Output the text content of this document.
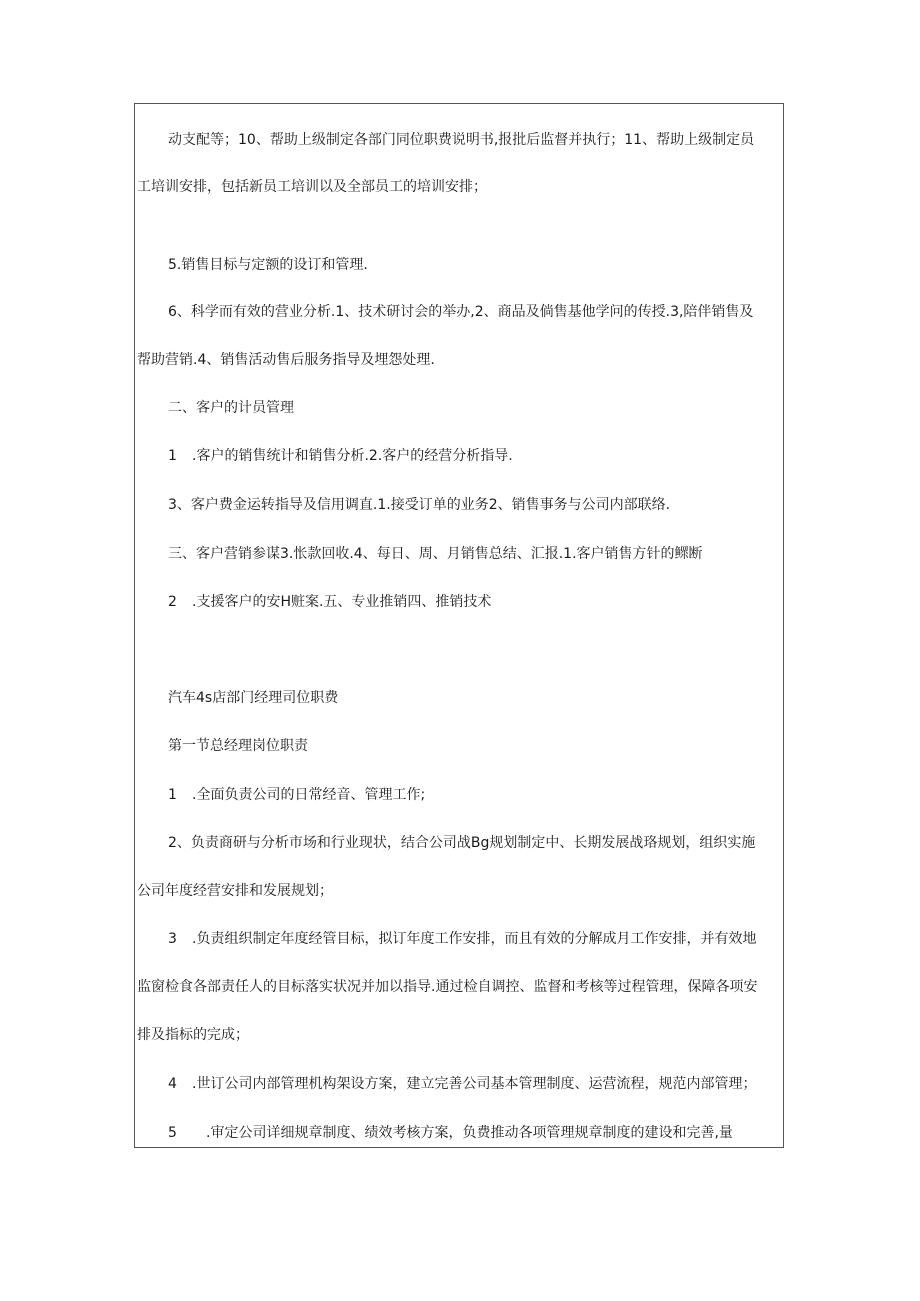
动支配等；10、帮助上级制定各部门同位职费说明书,报批后监督并执行；11、帮助上级制定员
工培训安排，包括新员工培训以及全部员工的培训安排；
5.销售目标与定额的设订和管理.
6、科学而有效的营业分析.1、技术研讨会的举办,2、商品及倘售基他学问的传授.3,陪伴销售及
帮助营销.4、销售活动售后服务指导及埋怨处理.
二、客户的计员管理
1 .客户的销售统计和销售分析.2.客户的经营分析指导.
3、客户费金运转指导及信用调直.1.接受订单的业务2、销售事务与公司内部联络.
三、客户营销参谋3.怅款回收.4、每日、周、月销售总结、汇报.1.客户销售方针的鳏断
2 .支援客户的安H赃案.五、专业推销四、推销技术
汽车4s店部门经理司位职费
第一节总经理岗位职责
1 .全面负责公司的日常经音、管理工作;
2、负责商研与分析市场和行业现状，结合公司战Bg规划制定中、长期发展战珞规划，组织实施
公司年度经营安排和发展规划；
3 .负责组织制定年度经管目标，拟订年度工作安排，而且有效的分解成月工作安排，并有效地
监窗检食各部责任人的目标落实状况并加以指导.通过检自调控、监督和考核等过程管理，保障各项安
排及指标的完成；
4 .世订公司内部管理机构架设方案，建立完善公司基本管理制度、运营流程，规范内部管理；
5 .审定公司详细规章制度、绩效考核方案，负费推动各项管理规章制度的建设和完善,量
